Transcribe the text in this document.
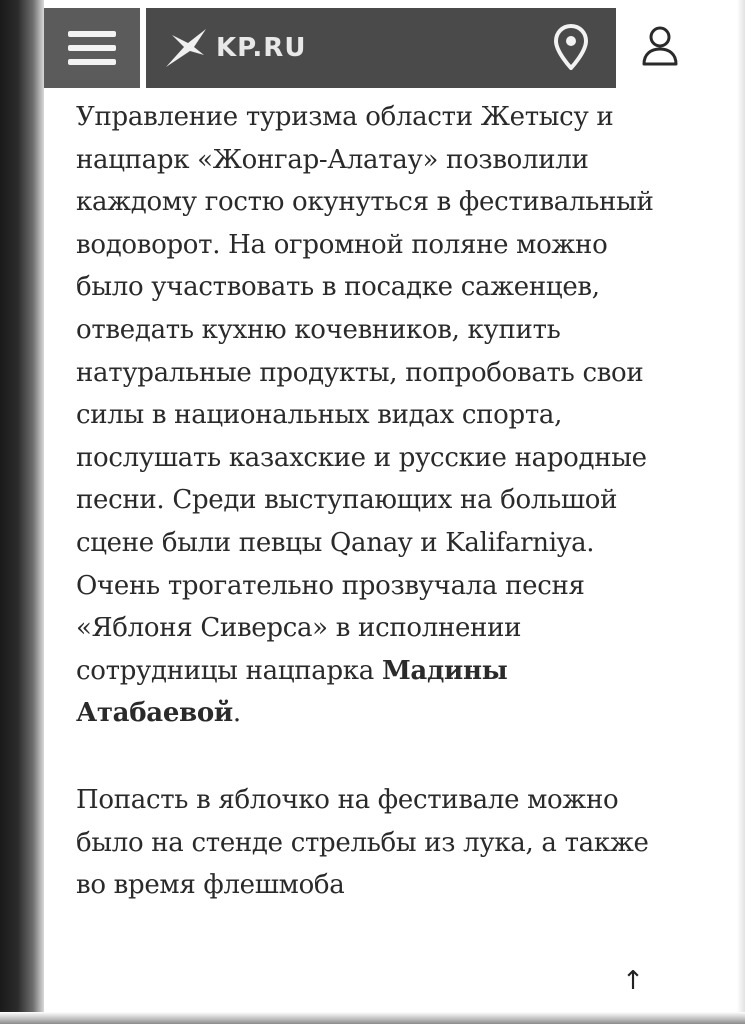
KP.RU

Управление туризма области Жетысу и нацпарк «Жонгар-Алатау» позволили каждому гостю окунуться в фестивальный водоворот. На огромной поляне можно было участвовать в посадке саженцев, отведать кухню кочевников, купить натуральные продукты, попробовать свои силы в национальных видах спорта, послушать казахские и русские народные песни. Среди выступающих на большой сцене были певцы Qanay и Kalifarniya. Очень трогательно прозвучала песня «Яблоня Сиверса» в исполнении сотрудницы нацпарка Мадины Атабаевой.

Попасть в яблочко на фестивале можно было на стенде стрельбы из лука, а также во время флешмоба

↑
